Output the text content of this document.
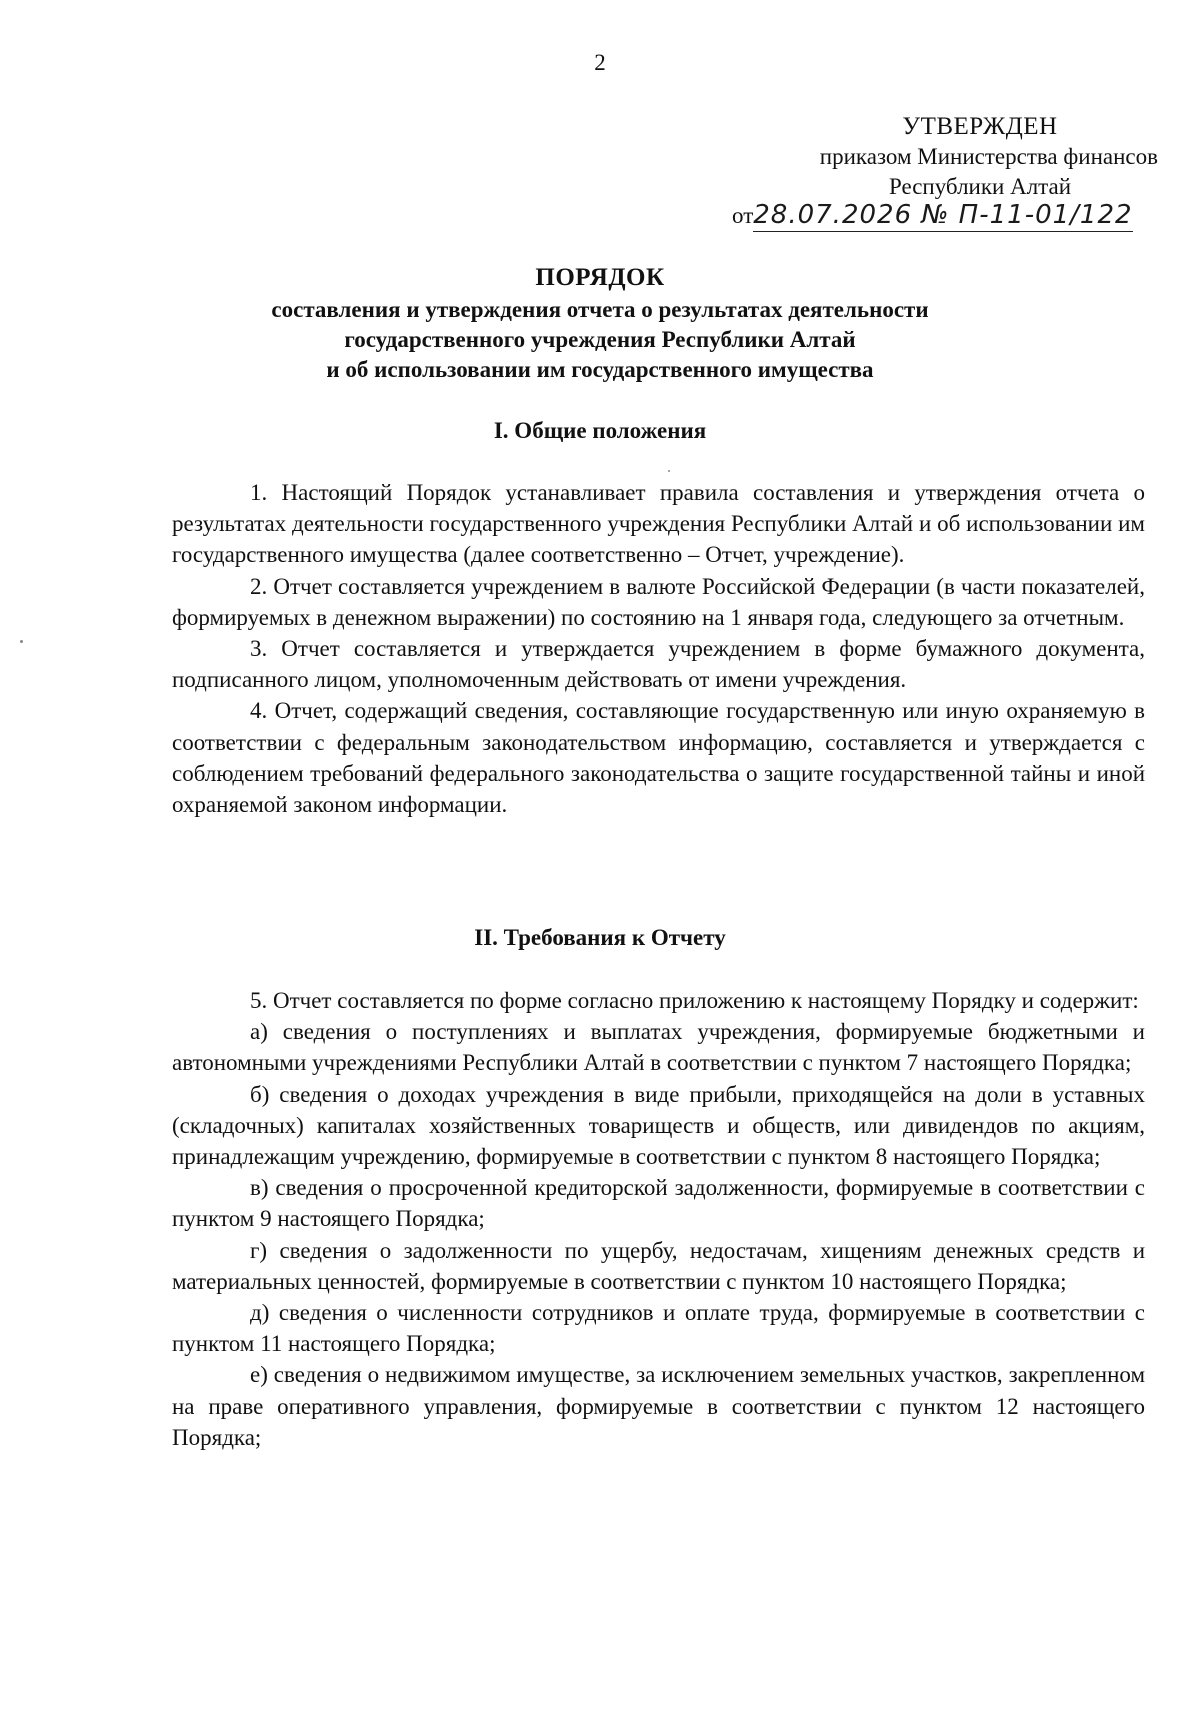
2
УТВЕРЖДЕН
приказом Министерства финансов
Республики Алтай
от28.07.2026 № П-11-01/122
ПОРЯДОК
составления и утверждения отчета о результатах деятельности
государственного учреждения Республики Алтай
и об использовании им государственного имущества
I. Общие положения

1. Настоящий Порядок устанавливает правила составления и утверждения отчета о результатах деятельности государственного учреждения Республики Алтай и об использовании им государственного имущества (далее соответственно – Отчет, учреждение).

2. Отчет составляется учреждением в валюте Российской Федерации (в части показателей, формируемых в денежном выражении) по состоянию на 1 января года, следующего за отчетным.

3. Отчет составляется и утверждается учреждением в форме бумажного документа, подписанного лицом, уполномоченным действовать от имени учреждения.

4. Отчет, содержащий сведения, составляющие государственную или иную охраняемую в соответствии с федеральным законодательством информацию, составляется и утверждается с соблюдением требований федерального законодательства о защите государственной тайны и иной охраняемой законом информации.

II. Требования к Отчету

5. Отчет составляется по форме согласно приложению к настоящему Порядку и содержит:

а) сведения о поступлениях и выплатах учреждения, формируемые бюджетными и автономными учреждениями Республики Алтай в соответствии с пунктом 7 настоящего Порядка;

б) сведения о доходах учреждения в виде прибыли, приходящейся на доли в уставных (складочных) капиталах хозяйственных товариществ и обществ, или дивидендов по акциям, принадлежащим учреждению, формируемые в соответствии с пунктом 8 настоящего Порядка;

в) сведения о просроченной кредиторской задолженности, формируемые в соответствии с пунктом 9 настоящего Порядка;

г) сведения о задолженности по ущербу, недостачам, хищениям денежных средств и материальных ценностей, формируемые в соответствии с пунктом 10 настоящего Порядка;

д) сведения о численности сотрудников и оплате труда, формируемые в соответствии с пунктом 11 настоящего Порядка;

е) сведения о недвижимом имуществе, за исключением земельных участков, закрепленном на праве оперативного управления, формируемые в соответствии с пунктом 12 настоящего Порядка;
